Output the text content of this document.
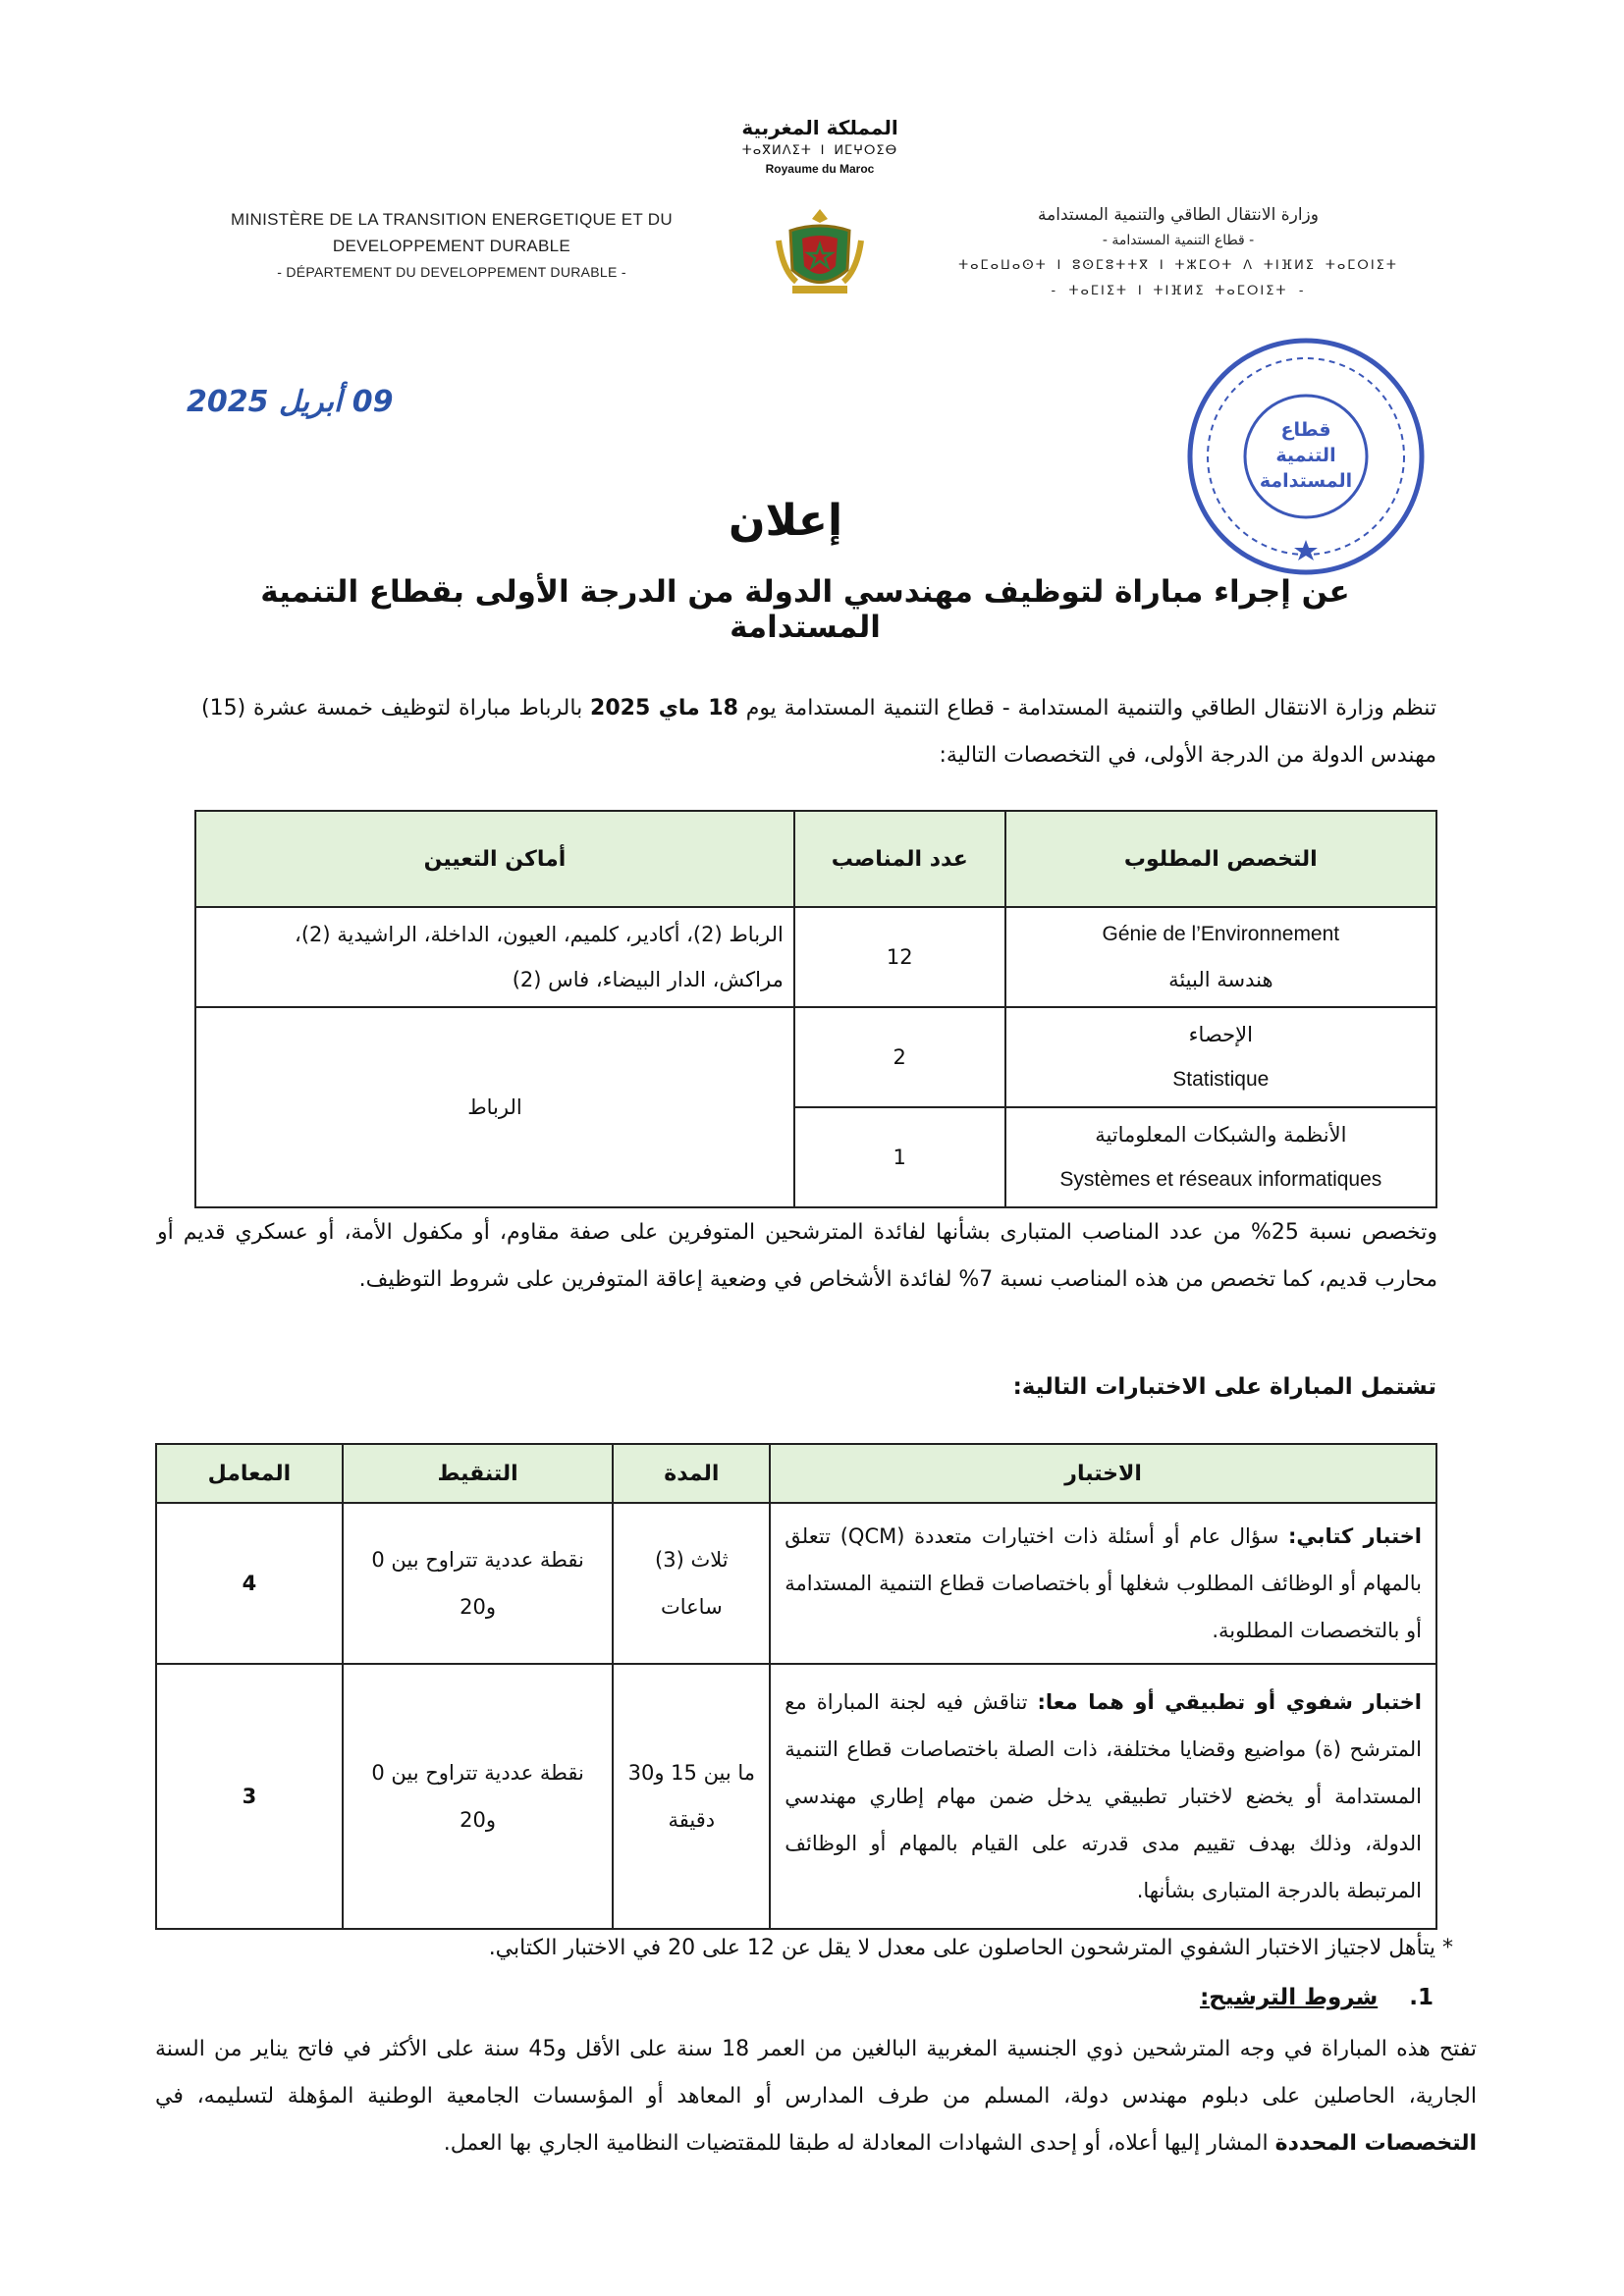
MINISTÈRE DE LA TRANSITION ENERGETIQUE ET DU
DEVELOPPEMENT DURABLE
- DÉPARTEMENT DU DEVELOPPEMENT DURABLE -
المملكة المغربية
ⵜⴰⴳⵍⴷⵉⵜ ⵏ ⵍⵎⵖⵔⵉⴱ
Royaume du Maroc
وزارة الانتقال الطاقي والتنمية المستدامة
- قطاع التنمية المستدامة -
ⵜⴰⵎⴰⵡⴰⵙⵜ ⵏ ⵓⵙⵎⵓⵜⵜⴳ ⵏ ⵜⵣⵎⵔⵜ ⴷ ⵜⵏⴼⵍⵉ ⵜⴰⵎⵔⵏⵉⵜ
- ⵜⴰⵎⵏⵉⵜ ⵏ ⵜⵏⴼⵍⵉ ⵜⴰⵎⵔⵏⵉⵜ -
09 أبريل 2025
قطاع
التنمية
المستدامة
إعلان
عن إجراء مباراة لتوظيف مهندسي الدولة من الدرجة الأولى بقطاع التنمية المستدامة
تنظم وزارة الانتقال الطاقي والتنمية المستدامة - قطاع التنمية المستدامة يوم 18 ماي 2025 بالرباط مباراة لتوظيف خمسة عشرة (15) مهندس الدولة من الدرجة الأولى، في التخصصات التالية:
التخصص المطلوب	عدد المناصب	أماكن التعيين

Génie de l’Environnement
هندسة البيئة	12	الرباط (2)، أكادير، كلميم، العيون، الداخلة، الراشيدية (2)،
مراكش، الدار البيضاء، فاس (2)

الإحصاء
Statistique	2	الرباط

الأنظمة والشبكات المعلوماتية
Systèmes et réseaux informatiques	1	
وتخصص نسبة 25% من عدد المناصب المتبارى بشأنها لفائدة المترشحين المتوفرين على صفة مقاوم، أو مكفول الأمة، أو عسكري قديم أو محارب قديم، كما تخصص من هذه المناصب نسبة 7% لفائدة الأشخاص في وضعية إعاقة المتوفرين على شروط التوظيف.
تشتمل المباراة على الاختبارات التالية:
الاختبار	المدة	التنقيط	المعامل
اختبار كتابي: سؤال عام أو أسئلة ذات اختيارات متعددة (QCM) تتعلق بالمهام أو الوظائف المطلوب شغلها أو باختصاصات قطاع التنمية المستدامة أو بالتخصصات المطلوبة.	ثلاث (3) ساعات	نقطة عددية تتراوح بين 0 و20	4
اختبار شفوي أو تطبيقي أو هما معا: تناقش فيه لجنة المباراة مع المترشح (ة) مواضيع وقضايا مختلفة، ذات الصلة باختصاصات قطاع التنمية المستدامة أو يخضع لاختبار تطبيقي يدخل ضمن مهام إطاري مهندسي الدولة، وذلك بهدف تقييم مدى قدرته على القيام بالمهام أو الوظائف المرتبطة بالدرجة المتبارى بشأنها.	ما بين 15 و30 دقيقة	نقطة عددية تتراوح بين 0 و20	3
* يتأهل لاجتياز الاختبار الشفوي المترشحون الحاصلون على معدل لا يقل عن 12 على 20 في الاختبار الكتابي.
1.    شروط الترشيح:
تفتح هذه المباراة في وجه المترشحين ذوي الجنسية المغربية البالغين من العمر 18 سنة على الأقل و45 سنة على الأكثر في فاتح يناير من السنة الجارية، الحاصلين على دبلوم مهندس دولة، المسلم من طرف المدارس أو المعاهد أو المؤسسات الجامعية الوطنية المؤهلة لتسليمه، في التخصصات المحددة المشار إليها أعلاه، أو إحدى الشهادات المعادلة له طبقا للمقتضيات النظامية الجاري بها العمل.
